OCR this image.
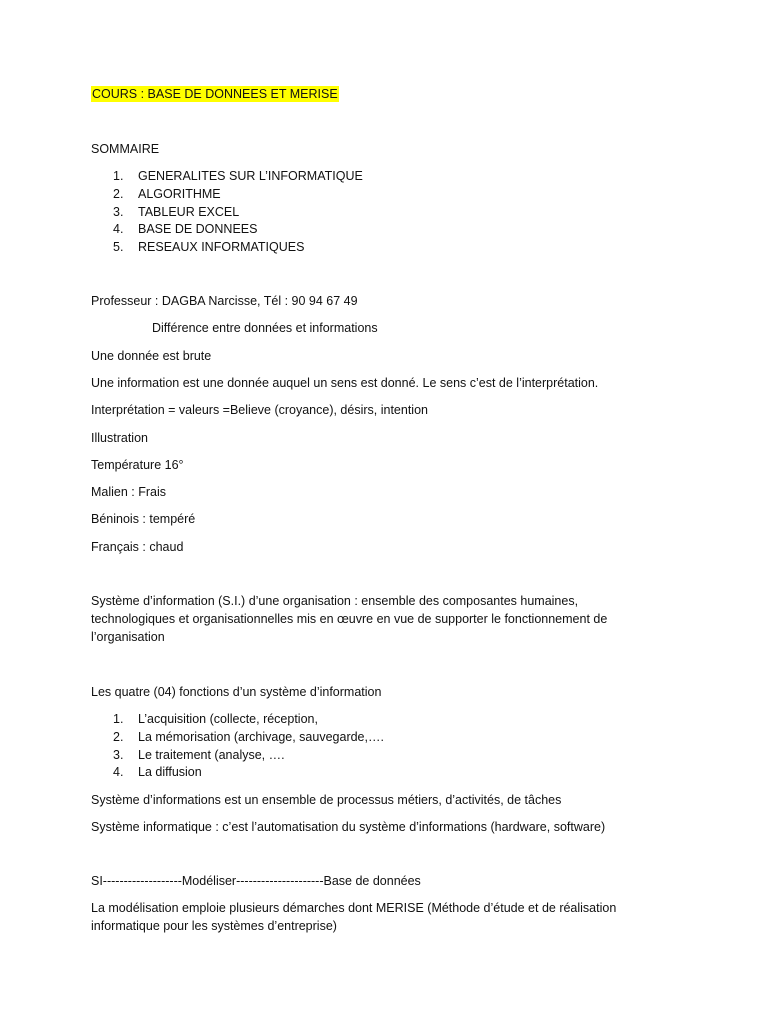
COURS : BASE DE DONNEES ET MERISE
SOMMAIRE
1. GENERALITES SUR L’INFORMATIQUE
2. ALGORITHME
3. TABLEUR EXCEL
4. BASE DE DONNEES
5. RESEAUX INFORMATIQUES
Professeur : DAGBA Narcisse, Tél : 90 94 67 49
Différence entre données et informations
Une donnée est brute
Une information est une donnée auquel un sens est donné. Le sens c’est de l’interprétation.
Interprétation = valeurs =Believe (croyance), désirs, intention
Illustration
Température 16°
Malien : Frais
Béninois : tempéré
Français : chaud
Système d’information (S.I.) d’une organisation : ensemble des composantes humaines, technologiques et organisationnelles mis en œuvre en vue de supporter le fonctionnement de l’organisation
Les quatre (04) fonctions d’un système d’information
1. L’acquisition (collecte, réception,
2. La mémorisation (archivage, sauvegarde,….
3. Le traitement (analyse, ….
4. La diffusion
Système d’informations est un ensemble de processus métiers, d’activités, de tâches
Système informatique : c’est l’automatisation du système d’informations (hardware, software)
SI-------------------Modéliser---------------------Base de données
La modélisation emploie plusieurs démarches dont MERISE (Méthode d’étude et de réalisation informatique pour les systèmes d’entreprise)
